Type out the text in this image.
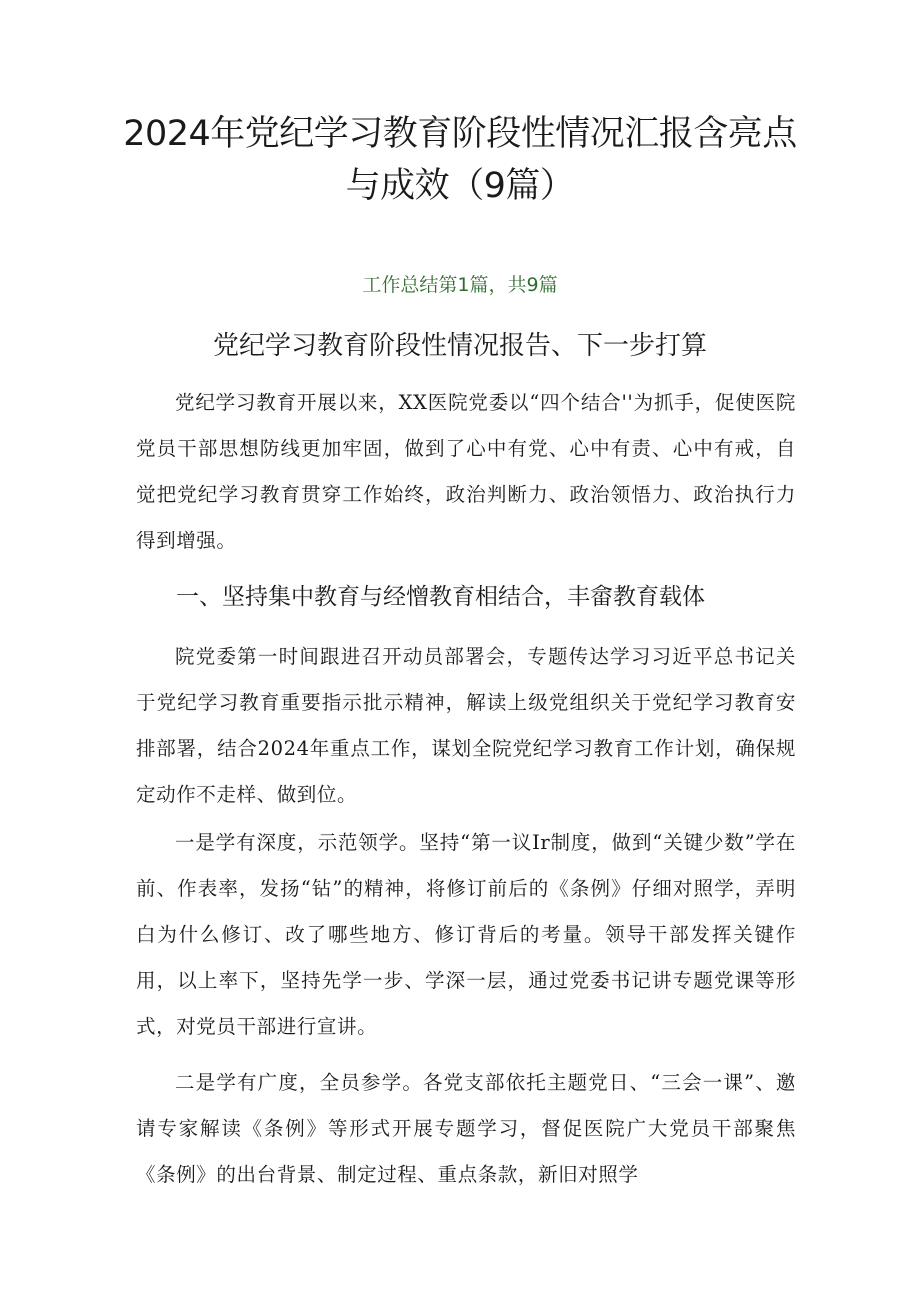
2024年党纪学习教育阶段性情况汇报含亮点与成效（9篇）
工作总结第1篇，共9篇
党纪学习教育阶段性情况报告、下一步打算

党纪学习教育开展以来，XX医院党委以“四个结合''为抓手，促使医院党员干部思想防线更加牢固，做到了心中有党、心中有责、心中有戒，自觉把党纪学习教育贯穿工作始终，政治判断力、政治领悟力、政治执行力得到增强。

一、坚持集中教育与经憎教育相结合，丰畲教育载体

院党委第一时间跟进召开动员部署会，专题传达学习习近平总书记关于党纪学习教育重要指示批示精神，解读上级党组织关于党纪学习教育安排部署，结合2024年重点工作，谋划全院党纪学习教育工作计划，确保规定动作不走样、做到位。

一是学有深度，示范领学。坚持“第一议Ir制度，做到“关键少数”学在前、作表率，发扬“钻”的精神，将修订前后的《条例》仔细对照学，弄明白为什么修订、改了哪些地方、修订背后的考量。领导干部发挥关键作用，以上率下，坚持先学一步、学深一层，通过党委书记讲专题党课等形式，对党员干部进行宣讲。

二是学有广度，全员参学。各党支部依托主题党日、“三会一课”、邀请专家解读《条例》等形式开展专题学习，督促医院广大党员干部聚焦《条例》的出台背景、制定过程、重点条款，新旧对照学
